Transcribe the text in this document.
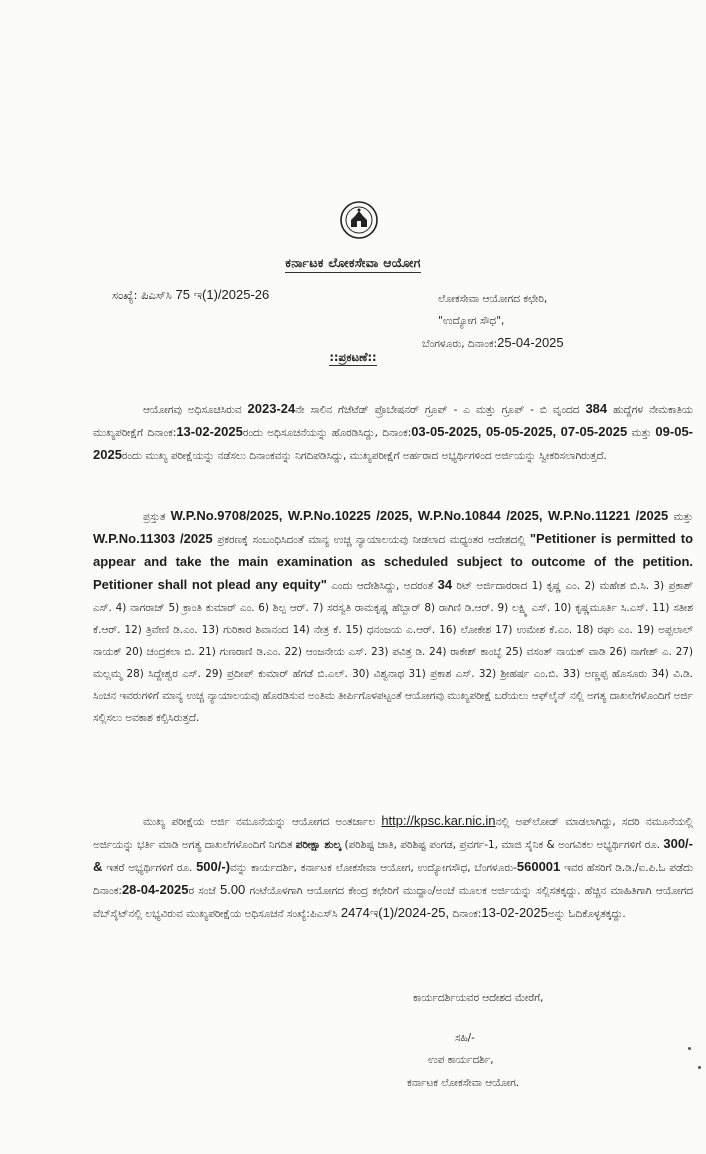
ಕರ್ನಾಟಕ ಲೋಕಸೇವಾ ಆಯೋಗ
ಸಂಖ್ಯೆ: ಪಿಎಸ್‌ಸಿ 75 ಇ(1)/2025-26	ಲೋಕಸೇವಾ ಆಯೋಗದ ಕಛೇರಿ,
"ಉದ್ಯೋಗ ಸೌಧ",
ಬೆಂಗಳೂರು, ದಿನಾಂಕ:25-04-2025
::ಪ್ರಕಟಣೆ::
ಆಯೋಗವು ಅಧಿಸೂಚಿಸಿರುವ 2023-24ನೇ ಸಾಲಿನ ಗೆಜೆಟೆಡ್ ಪ್ರೊಬೇಷನರ್ ಗ್ರೂಪ್ - ಎ ಮತ್ತು ಗ್ರೂಪ್ - ಬಿ ವೃಂದದ 384 ಹುದ್ದೆಗಳ ನೇಮಕಾತಿಯ ಮುಖ್ಯಪರೀಕ್ಷೆಗೆ ದಿನಾಂಕ:13-02-2025ರಂದು ಅಧಿಸೂಚನೆಯನ್ನು ಹೊರಡಿಸಿದ್ದು, ದಿನಾಂಕ:03-05-2025, 05-05-2025, 07-05-2025 ಮತ್ತು 09-05-2025ರಂದು ಮುಖ್ಯ ಪರೀಕ್ಷೆಯನ್ನು ನಡೆಸಲು ದಿನಾಂಕವನ್ನು ನಿಗದಿಪಡಿಸಿದ್ದು, ಮುಖ್ಯಪರೀಕ್ಷೆಗೆ ಅರ್ಹರಾದ ಅಭ್ಯರ್ಥಿಗಳಿಂದ ಅರ್ಜಿಯನ್ನು ಸ್ವೀಕರಿಸಲಾಗಿರುತ್ತದೆ.
ಪ್ರಸ್ತುತ W.P.No.9708/2025, W.P.No.10225 /2025, W.P.No.10844 /2025, W.P.No.11221 /2025 ಮತ್ತು W.P.No.11303 /2025 ಪ್ರಕರಣಕ್ಕೆ ಸಂಬಂಧಿಸಿದಂತೆ ಮಾನ್ಯ ಉಚ್ಚ ನ್ಯಾಯಾಲಯವು ನೀಡಲಾದ ಮಧ್ಯಂತರ ಆದೇಶದಲ್ಲಿ "Petitioner is permitted to appear and take the main examination as scheduled subject to outcome of the petition. Petitioner shall not plead any equity" ಎಂದು ಆದೇಶಿಸಿದ್ದು, ಅದರಂತೆ 34 ರಿಟ್ ಅರ್ಜಿದಾರರಾದ 1) ಕೃಷ್ಣ ಎಂ. 2) ಮಹೇಶ ಬಿ.ಸಿ. 3) ಪ್ರಕಾಶ್ ಎಸ್. 4) ನಾಗರಾಜ್ 5) ಕ್ರಾಂತಿ ಕುಮಾರ್ ಎಂ. 6) ಶಿಲ್ಪ ಆರ್. 7) ಸರಸ್ವತಿ ರಾಮಕೃಷ್ಣ ಹೆಬ್ಬಾರ್ 8) ರಾಗಿಣಿ ಡಿ.ಆರ್. 9) ಲಕ್ಷ್ಮಿ ಎಸ್. 10) ಕೃಷ್ಣಮೂರ್ತಿ ಸಿ.ಎಸ್. 11) ಸತೀಶ ಕೆ.ಆರ್. 12) ತ್ರಿವೇಣಿ ಡಿ.ಎಂ. 13) ಗುರಿಕಾರ ಶಿವಾನಂದ 14) ನೇತ್ರ ಕೆ. 15) ಧನಂಜಯ ಎ.ಆರ್. 16) ಲೋಕೇಶ 17) ಉಮೇಶ ಕೆ.ಎಂ. 18) ರಘು ಎಂ. 19) ಅಪ್ಪಲಾಲ್ ನಾಯಕ್ 20) ಚಂದ್ರಕಲಾ ಬಿ. 21) ಗುಣರಾಣಿ ಡಿ.ಎಂ. 22) ಆಂಜನೇಯ ಎಸ್. 23) ಪವಿತ್ರ ಡಿ. 24) ರಾಕೇಶ್ ಕಾಂಬ್ಳೆ 25) ವಸಂತ್ ನಾಯಕ್ ವಾಡಿ 26) ನಾಗೇಶ್ ಎ. 27) ಮಲ್ಲಮ್ಮ 28) ಸಿದ್ದೇಶ್ವರ ಎಸ್. 29) ಪ್ರದೀಪ್ ಕುಮಾರ್ ಹೆಗಡೆ ಬಿ.ಎಲ್. 30) ವಿಶ್ವನಾಥ 31) ಪ್ರಕಾಶ ಎಸ್. 32) ಶ್ರೀಹರ್ಷ ಎಂ.ಬಿ. 33) ಅಣ್ಣಪ್ಪ ಹೊಸೂರು 34) ವಿ.ಡಿ. ಸಿಂಚನ ಇವರುಗಳಿಗೆ ಮಾನ್ಯ ಉಚ್ಚ ನ್ಯಾಯಾಲಯವು ಹೊರಡಿಸುವ ಅಂತಿಮ ತೀರ್ಪಿಗೊಳಪಟ್ಟಂತೆ ಆಯೋಗವು ಮುಖ್ಯಪರೀಕ್ಷೆ ಬರೆಯಲು ಆಫ್‌ಲೈನ್ ನಲ್ಲಿ ಅಗತ್ಯ ದಾಖಲೆಗಳೊಂದಿಗೆ ಅರ್ಜಿ ಸಲ್ಲಿಸಲು ಅವಕಾಶ ಕಲ್ಪಿಸಿರುತ್ತದೆ.
ಮುಖ್ಯ ಪರೀಕ್ಷೆಯ ಅರ್ಜಿ ನಮೂನೆಯನ್ನು ಆಯೋಗದ ಅಂತರ್ಜಾಲ http://kpsc.kar.nic.inನಲ್ಲಿ ಅಪ್‌ಲೋಡ್ ಮಾಡಲಾಗಿದ್ದು, ಸದರಿ ನಮೂನೆಯಲ್ಲಿ ಅರ್ಜಿಯನ್ನು ಭರ್ತಿ ಮಾಡಿ ಅಗತ್ಯ ದಾಖಲೆಗಳೊಂದಿಗೆ ನಿಗದಿತ ಪರೀಕ್ಷಾ ಶುಲ್ಕ (ಪರಿಶಿಷ್ಟ ಜಾತಿ, ಪರಿಶಿಷ್ಟ ಪಂಗಡ, ಪ್ರವರ್ಗ-1, ಮಾಜಿ ಸೈನಿಕ & ಅಂಗವಿಕಲ ಅಭ್ಯರ್ಥಿಗಳಿಗೆ ರೂ. 300/- & ಇತರೆ ಅಭ್ಯರ್ಥಿಗಳಿಗೆ ರೂ. 500/-)ವನ್ನು ಕಾರ್ಯದರ್ಶಿ, ಕರ್ನಾಟಕ ಲೋಕಸೇವಾ ಆಯೋಗ, ಉದ್ಯೋಗಸೌಧ, ಬೆಂಗಳೂರು-560001 ಇವರ ಹೆಸರಿಗೆ ಡಿ.ಡಿ./ಐ.ಪಿ.ಓ ಪಡೆದು ದಿನಾಂಕ:28-04-2025ರ ಸಂಜೆ 5.00 ಗಂಟೆಯೊಳಗಾಗಿ ಆಯೋಗದ ಕೇಂದ್ರ ಕಛೇರಿಗೆ ಮುದ್ದಾಂ/ಅಂಚೆ ಮೂಲಕ ಅರ್ಜಿಯನ್ನು ಸಲ್ಲಿಸತಕ್ಕದ್ದು. ಹೆಚ್ಚಿನ ಮಾಹಿತಿಗಾಗಿ ಆಯೋಗದ ವೆಬ್‌ಸೈಟ್‌ನಲ್ಲಿ ಲಭ್ಯವಿರುವ ಮುಖ್ಯಪರೀಕ್ಷೆಯ ಅಧಿಸೂಚನೆ ಸಂಖ್ಯೆ:ಪಿಎಸ್‌ಸಿ 2474ಇ(1)/2024-25, ದಿನಾಂಕ:13-02-2025ಅನ್ನು ಓದಿಕೊಳ್ಳತಕ್ಕದ್ದು.
ಕಾರ್ಯದರ್ಶಿಯವರ ಆದೇಶದ ಮೇರೆಗೆ,
ಸಹಿ/-
ಉಪ ಕಾರ್ಯದರ್ಶಿ,
ಕರ್ನಾಟಕ ಲೋಕಸೇವಾ ಆಯೋಗ.
